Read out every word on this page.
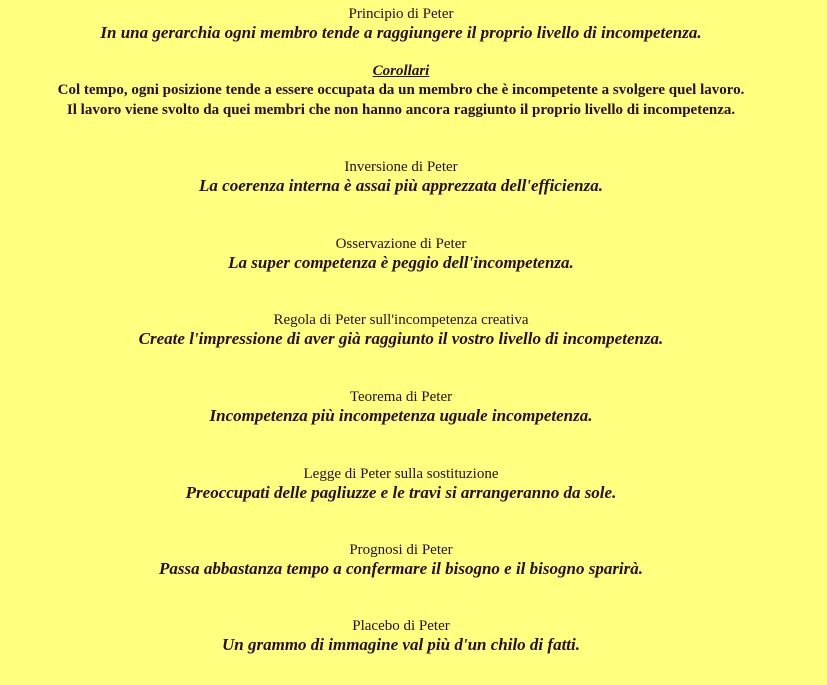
Principio di Peter

In una gerarchia ogni membro tende a raggiungere il proprio livello di incompetenza.

Corollari

Col tempo, ogni posizione tende a essere occupata da un membro che è incompetente a svolgere quel lavoro.

Il lavoro viene svolto da quei membri che non hanno ancora raggiunto il proprio livello di incompetenza.

Inversione di Peter

La coerenza interna è assai più apprezzata dell'efficienza.

Osservazione di Peter

La super competenza è peggio dell'incompetenza.

Regola di Peter sull'incompetenza creativa

Create l'impressione di aver già raggiunto il vostro livello di incompetenza.

Teorema di Peter

Incompetenza più incompetenza uguale incompetenza.

Legge di Peter sulla sostituzione

Preoccupati delle pagliuzze e le travi si arrangeranno da sole.

Prognosi di Peter

Passa abbastanza tempo a confermare il bisogno e il bisogno sparirà.

Placebo di Peter

Un grammo di immagine val più d'un chilo di fatti.
